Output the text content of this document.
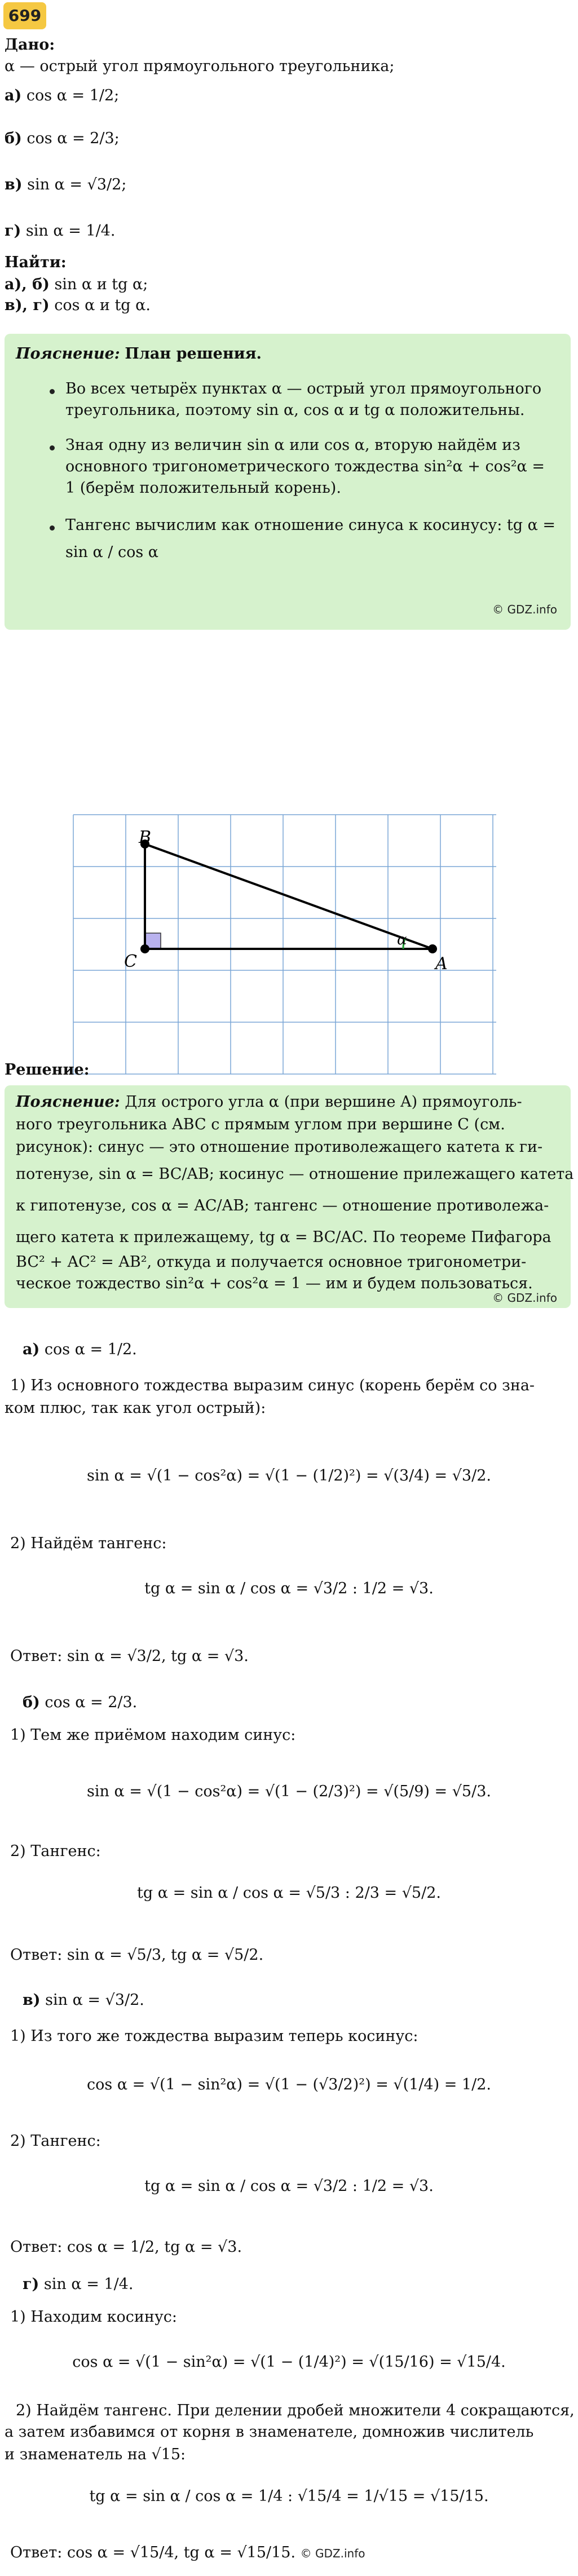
699
Дано:
α — острый угол прямоугольного треугольника;
а) cos α = 1/2;
б) cos α = 2/3;
в) sin α = √3/2;
г) sin α = 1/4.
Найти:
а), б) sin α и tg α;
в), г) cos α и tg α.
Пояснение: План решения.
Во всех четырёх пунктах α — острый угол прямоугольного
треугольника, поэтому sin α, cos α и tg α положительны.
Зная одну из величин sin α или cos α, вторую найдём из
основного тригонометрического тождества sin²α + cos²α =
1 (берём положительный корень).
Тангенс вычислим как отношение синуса к косинусу: tg α =
sin α / cos α
© GDZ.info
B
C	A
α
Решение:
Пояснение: Для острого угла α (при вершине A) прямоуголь-
ного треугольника ABC с прямым углом при вершине C (см.
рисунок): синус — это отношение противолежащего катета к ги-
потенузе, sin α = BC/AB; косинус — отношение прилежащего катета
к гипотенузе, cos α = AC/AB; тангенс — отношение противолежа-
щего катета к прилежащему, tg α = BC/AC. По теореме Пифагора
BC² + AC² = AB², откуда и получается основное тригонометри-
ческое тождество sin²α + cos²α = 1 — им и будем пользоваться.
© GDZ.info
а) cos α = 1/2.
1) Из основного тождества выразим синус (корень берём со зна-
ком плюс, так как угол острый):
sin α = √(1 − cos²α) = √(1 − (1/2)²) = √(3/4) = √3/2.
2) Найдём тангенс:
tg α = sin α / cos α = √3/2 : 1/2 = √3.
Ответ: sin α = √3/2, tg α = √3.
б) cos α = 2/3.
1) Тем же приёмом находим синус:
sin α = √(1 − cos²α) = √(1 − (2/3)²) = √(5/9) = √5/3.
2) Тангенс:
tg α = sin α / cos α = √5/3 : 2/3 = √5/2.
Ответ: sin α = √5/3, tg α = √5/2.
в) sin α = √3/2.
1) Из того же тождества выразим теперь косинус:
cos α = √(1 − sin²α) = √(1 − (√3/2)²) = √(1/4) = 1/2.
2) Тангенс:
tg α = sin α / cos α = √3/2 : 1/2 = √3.
Ответ: cos α = 1/2, tg α = √3.
г) sin α = 1/4.
1) Находим косинус:
cos α = √(1 − sin²α) = √(1 − (1/4)²) = √(15/16) = √15/4.
2) Найдём тангенс. При делении дробей множители 4 сокращаются,
а затем избавимся от корня в знаменателе, домножив числитель
и знаменатель на √15:
tg α = sin α / cos α = 1/4 : √15/4 = 1/√15 = √15/15.
Ответ: cos α = √15/4, tg α = √15/15. © GDZ.info
